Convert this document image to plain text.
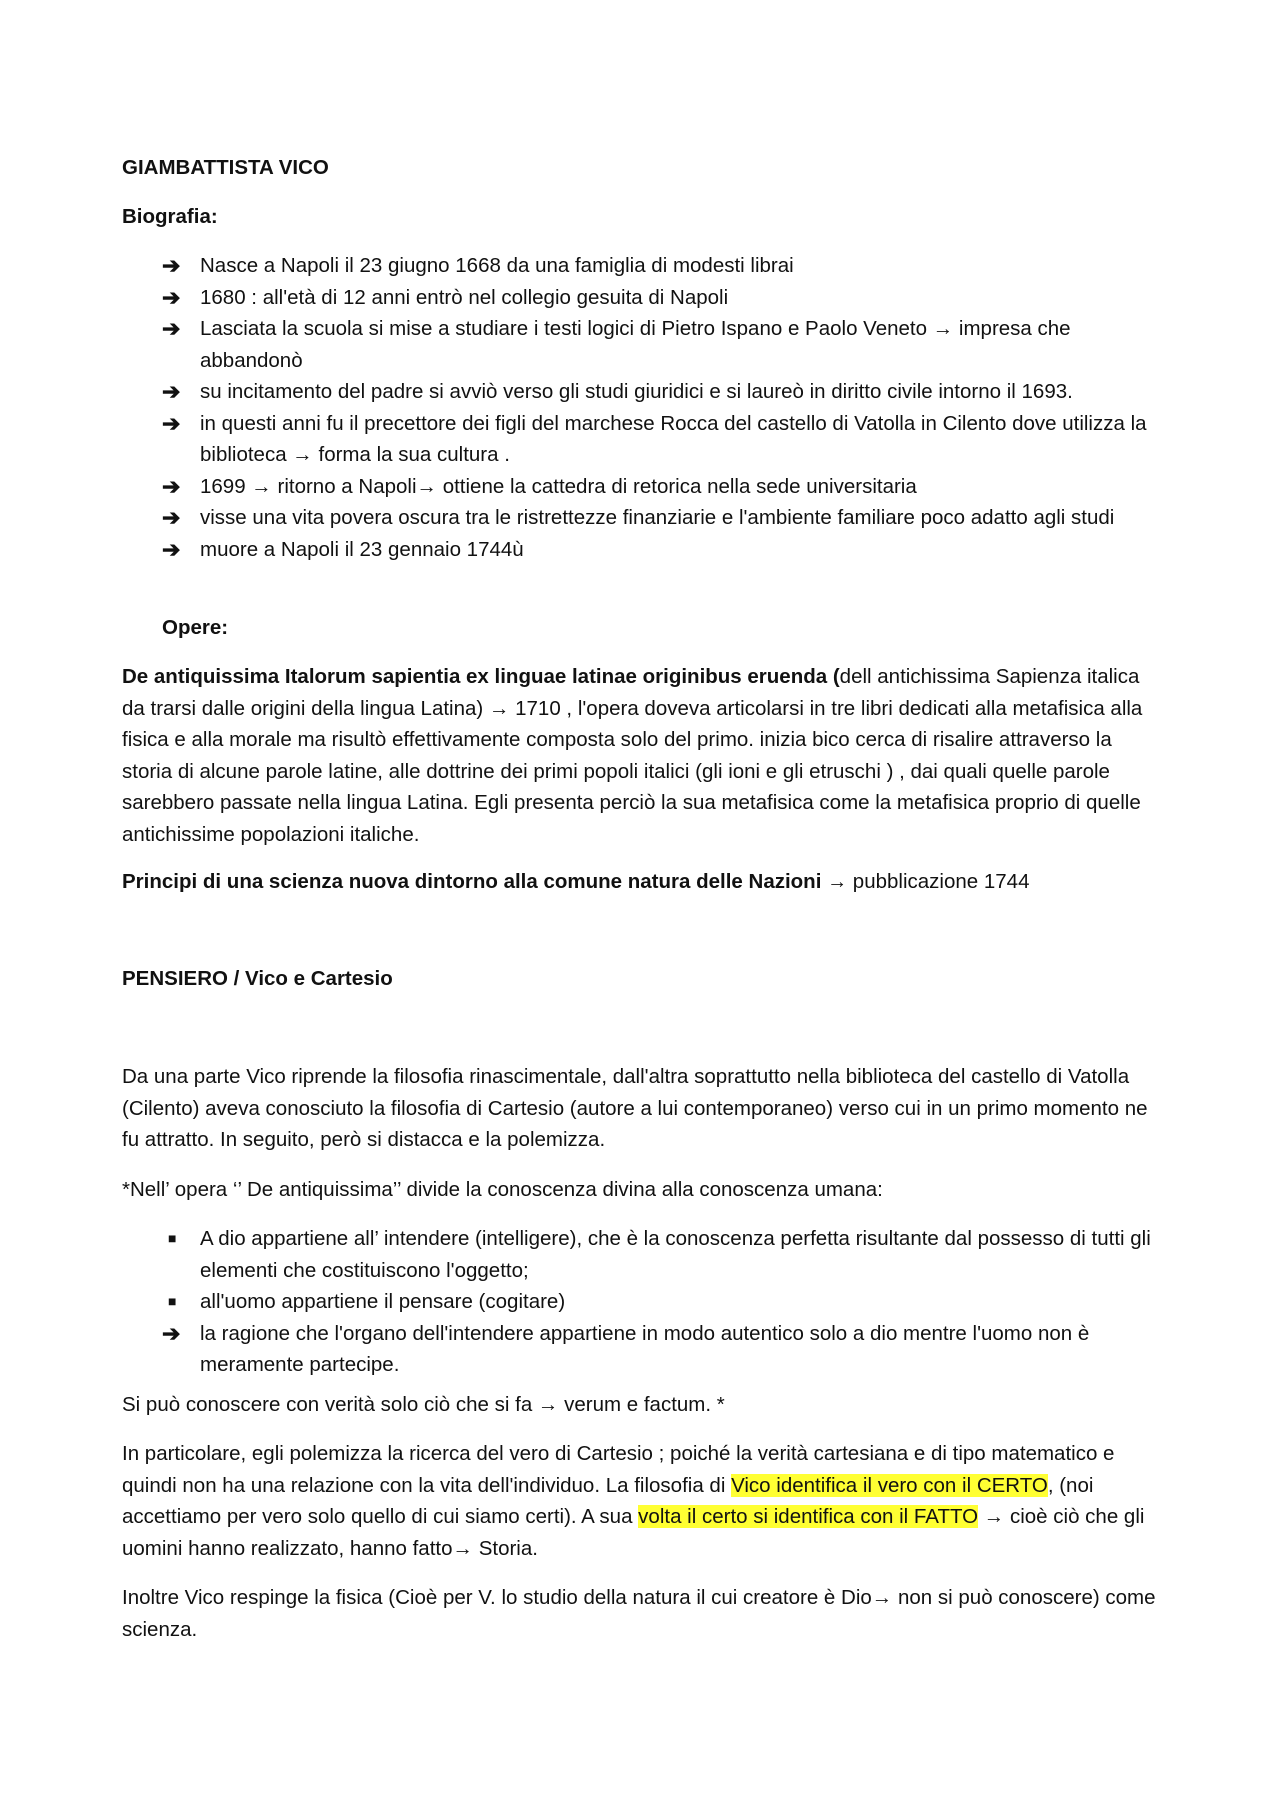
GIAMBATTISTA VICO

Biografia:

➔ Nasce a Napoli il 23 giugno 1668 da una famiglia di modesti librai
➔ 1680 : all'età di 12 anni entrò nel collegio gesuita di Napoli
➔ Lasciata la scuola si mise a studiare i testi logici di Pietro Ispano e Paolo Veneto → impresa che abbandonò
➔ su incitamento del padre si avviò verso gli studi giuridici e si laureò in diritto civile intorno il 1693.
➔ in questi anni fu il precettore dei figli del marchese Rocca del castello di Vatolla in Cilento dove utilizza la biblioteca → forma la sua cultura .
➔ 1699 → ritorno a Napoli→ ottiene la cattedra di retorica nella sede universitaria
➔ visse una vita povera oscura tra le ristrettezze finanziarie e l'ambiente familiare poco adatto agli studi
➔ muore a Napoli il 23 gennaio 1744ù

Opere:

De antiquissima Italorum sapientia ex linguae latinae originibus eruenda (dell antichissima Sapienza italica da trarsi dalle origini della lingua Latina) → 1710 , l'opera doveva articolarsi in tre libri dedicati alla metafisica alla fisica e alla morale ma risultò effettivamente composta solo del primo. inizia bico cerca di risalire attraverso la storia di alcune parole latine, alle dottrine dei primi popoli italici (gli ioni e gli etruschi ) , dai quali quelle parole sarebbero passate nella lingua Latina. Egli presenta perciò la sua metafisica come la metafisica proprio di quelle antichissime popolazioni italiche.

Principi di una scienza nuova dintorno alla comune natura delle Nazioni → pubblicazione 1744

PENSIERO / Vico e Cartesio

Da una parte Vico riprende la filosofia rinascimentale, dall'altra soprattutto nella biblioteca del castello di Vatolla (Cilento) aveva conosciuto la filosofia di Cartesio (autore a lui contemporaneo) verso cui in un primo momento ne fu attratto. In seguito, però si distacca e la polemizza.

*Nell’ opera ‘’ De antiquissima’’ divide la conoscenza divina alla conoscenza umana:

■ A dio appartiene all’ intendere (intelligere), che è la conoscenza perfetta risultante dal possesso di tutti gli elementi che costituiscono l'oggetto;
■ all'uomo appartiene il pensare (cogitare)
➔ la ragione che l'organo dell'intendere appartiene in modo autentico solo a dio mentre l'uomo non è meramente partecipe.

Si può conoscere con verità solo ciò che si fa → verum e factum. *

In particolare, egli polemizza la ricerca del vero di Cartesio ; poiché la verità cartesiana e di tipo matematico e quindi non ha una relazione con la vita dell'individuo. La filosofia di Vico identifica il vero con il CERTO, (noi accettiamo per vero solo quello di cui siamo certi). A sua volta il certo si identifica con il FATTO → cioè ciò che gli uomini hanno realizzato, hanno fatto→ Storia.

Inoltre Vico respinge la fisica (Cioè per V. lo studio della natura il cui creatore è Dio→ non si può conoscere) come scienza.
